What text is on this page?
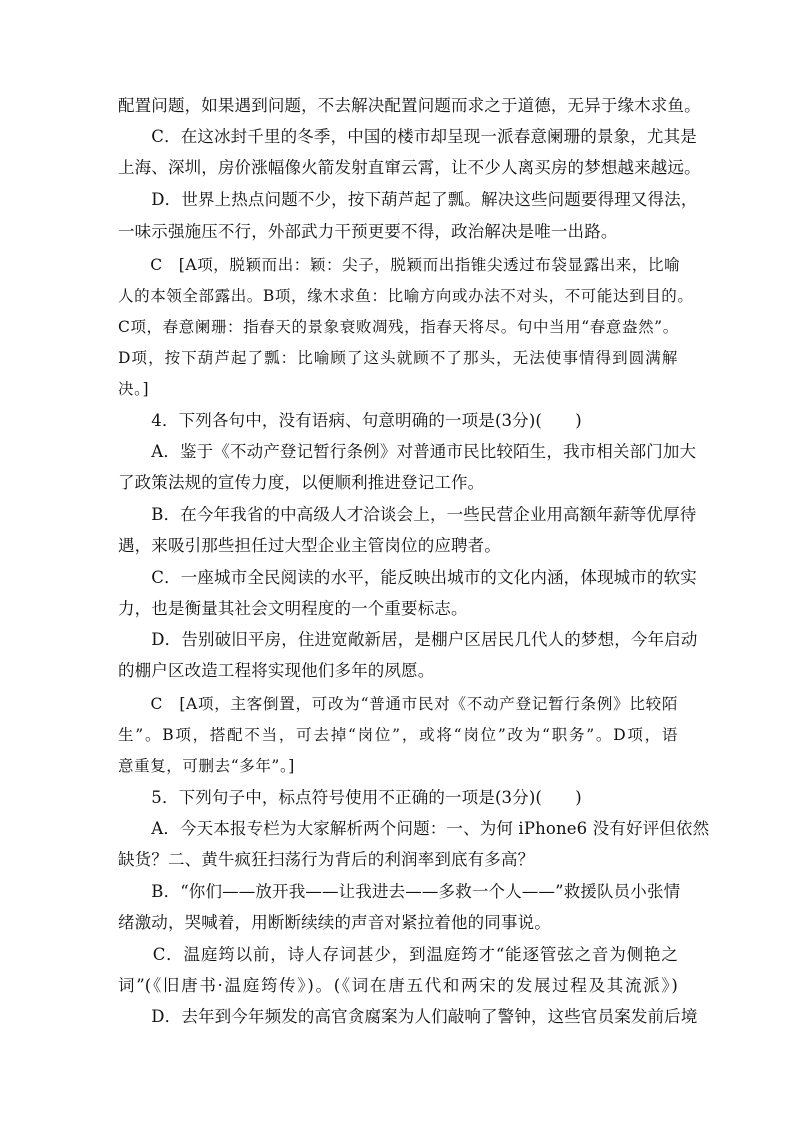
配置问题，如果遇到问题，不去解决配置问题而求之于道德，无异于缘木求鱼。
　　C．在这冰封千里的冬季，中国的楼市却呈现一派春意阑珊的景象，尤其是
上海、深圳，房价涨幅像火箭发射直窜云霄，让不少人离买房的梦想越来越远。
　　D．世界上热点问题不少，按下葫芦起了瓢。解决这些问题要得理又得法，
一味示强施压不行，外部武力干预更要不得，政治解决是唯一出路。
　　C　[A项，脱颖而出：颖：尖子，脱颖而出指锥尖透过布袋显露出来，比喻
人的本领全部露出。B项，缘木求鱼：比喻方向或办法不对头，不可能达到目的。
C项，春意阑珊：指春天的景象衰败凋残，指春天将尽。句中当用“春意盎然”。
D项，按下葫芦起了瓢：比喻顾了这头就顾不了那头，无法使事情得到圆满解
决。]
　　4．下列各句中，没有语病、句意明确的一项是(3分)(　　)
　　A．鉴于《不动产登记暂行条例》对普通市民比较陌生，我市相关部门加大
了政策法规的宣传力度，以便顺利推进登记工作。
　　B．在今年我省的中高级人才洽谈会上，一些民营企业用高额年薪等优厚待
遇，来吸引那些担任过大型企业主管岗位的应聘者。
　　C．一座城市全民阅读的水平，能反映出城市的文化内涵，体现城市的软实
力，也是衡量其社会文明程度的一个重要标志。
　　D．告别破旧平房，住进宽敞新居，是棚户区居民几代人的梦想，今年启动
的棚户区改造工程将实现他们多年的夙愿。
　　C　[A项，主客倒置，可改为“普通市民对《不动产登记暂行条例》比较陌
生”。B项，搭配不当，可去掉“岗位”，或将“岗位”改为“职务”。D项，语
意重复，可删去“多年”。]
　　5．下列句子中，标点符号使用不正确的一项是(3分)(　　)
　　A．今天本报专栏为大家解析两个问题：一、为何 iPhone6 没有好评但依然
缺货？二、黄牛疯狂扫荡行为背后的利润率到底有多高？
　　B．“你们——放开我——让我进去——多救一个人——”救援队员小张情
绪激动，哭喊着，用断断续续的声音对紧拉着他的同事说。
　　C．温庭筠以前，诗人存词甚少，到温庭筠才“能逐管弦之音为侧艳之
词”(《旧唐书·温庭筠传》)。(《词在唐五代和两宋的发展过程及其流派》)
　　D．去年到今年频发的高官贪腐案为人们敲响了警钟，这些官员案发前后境
